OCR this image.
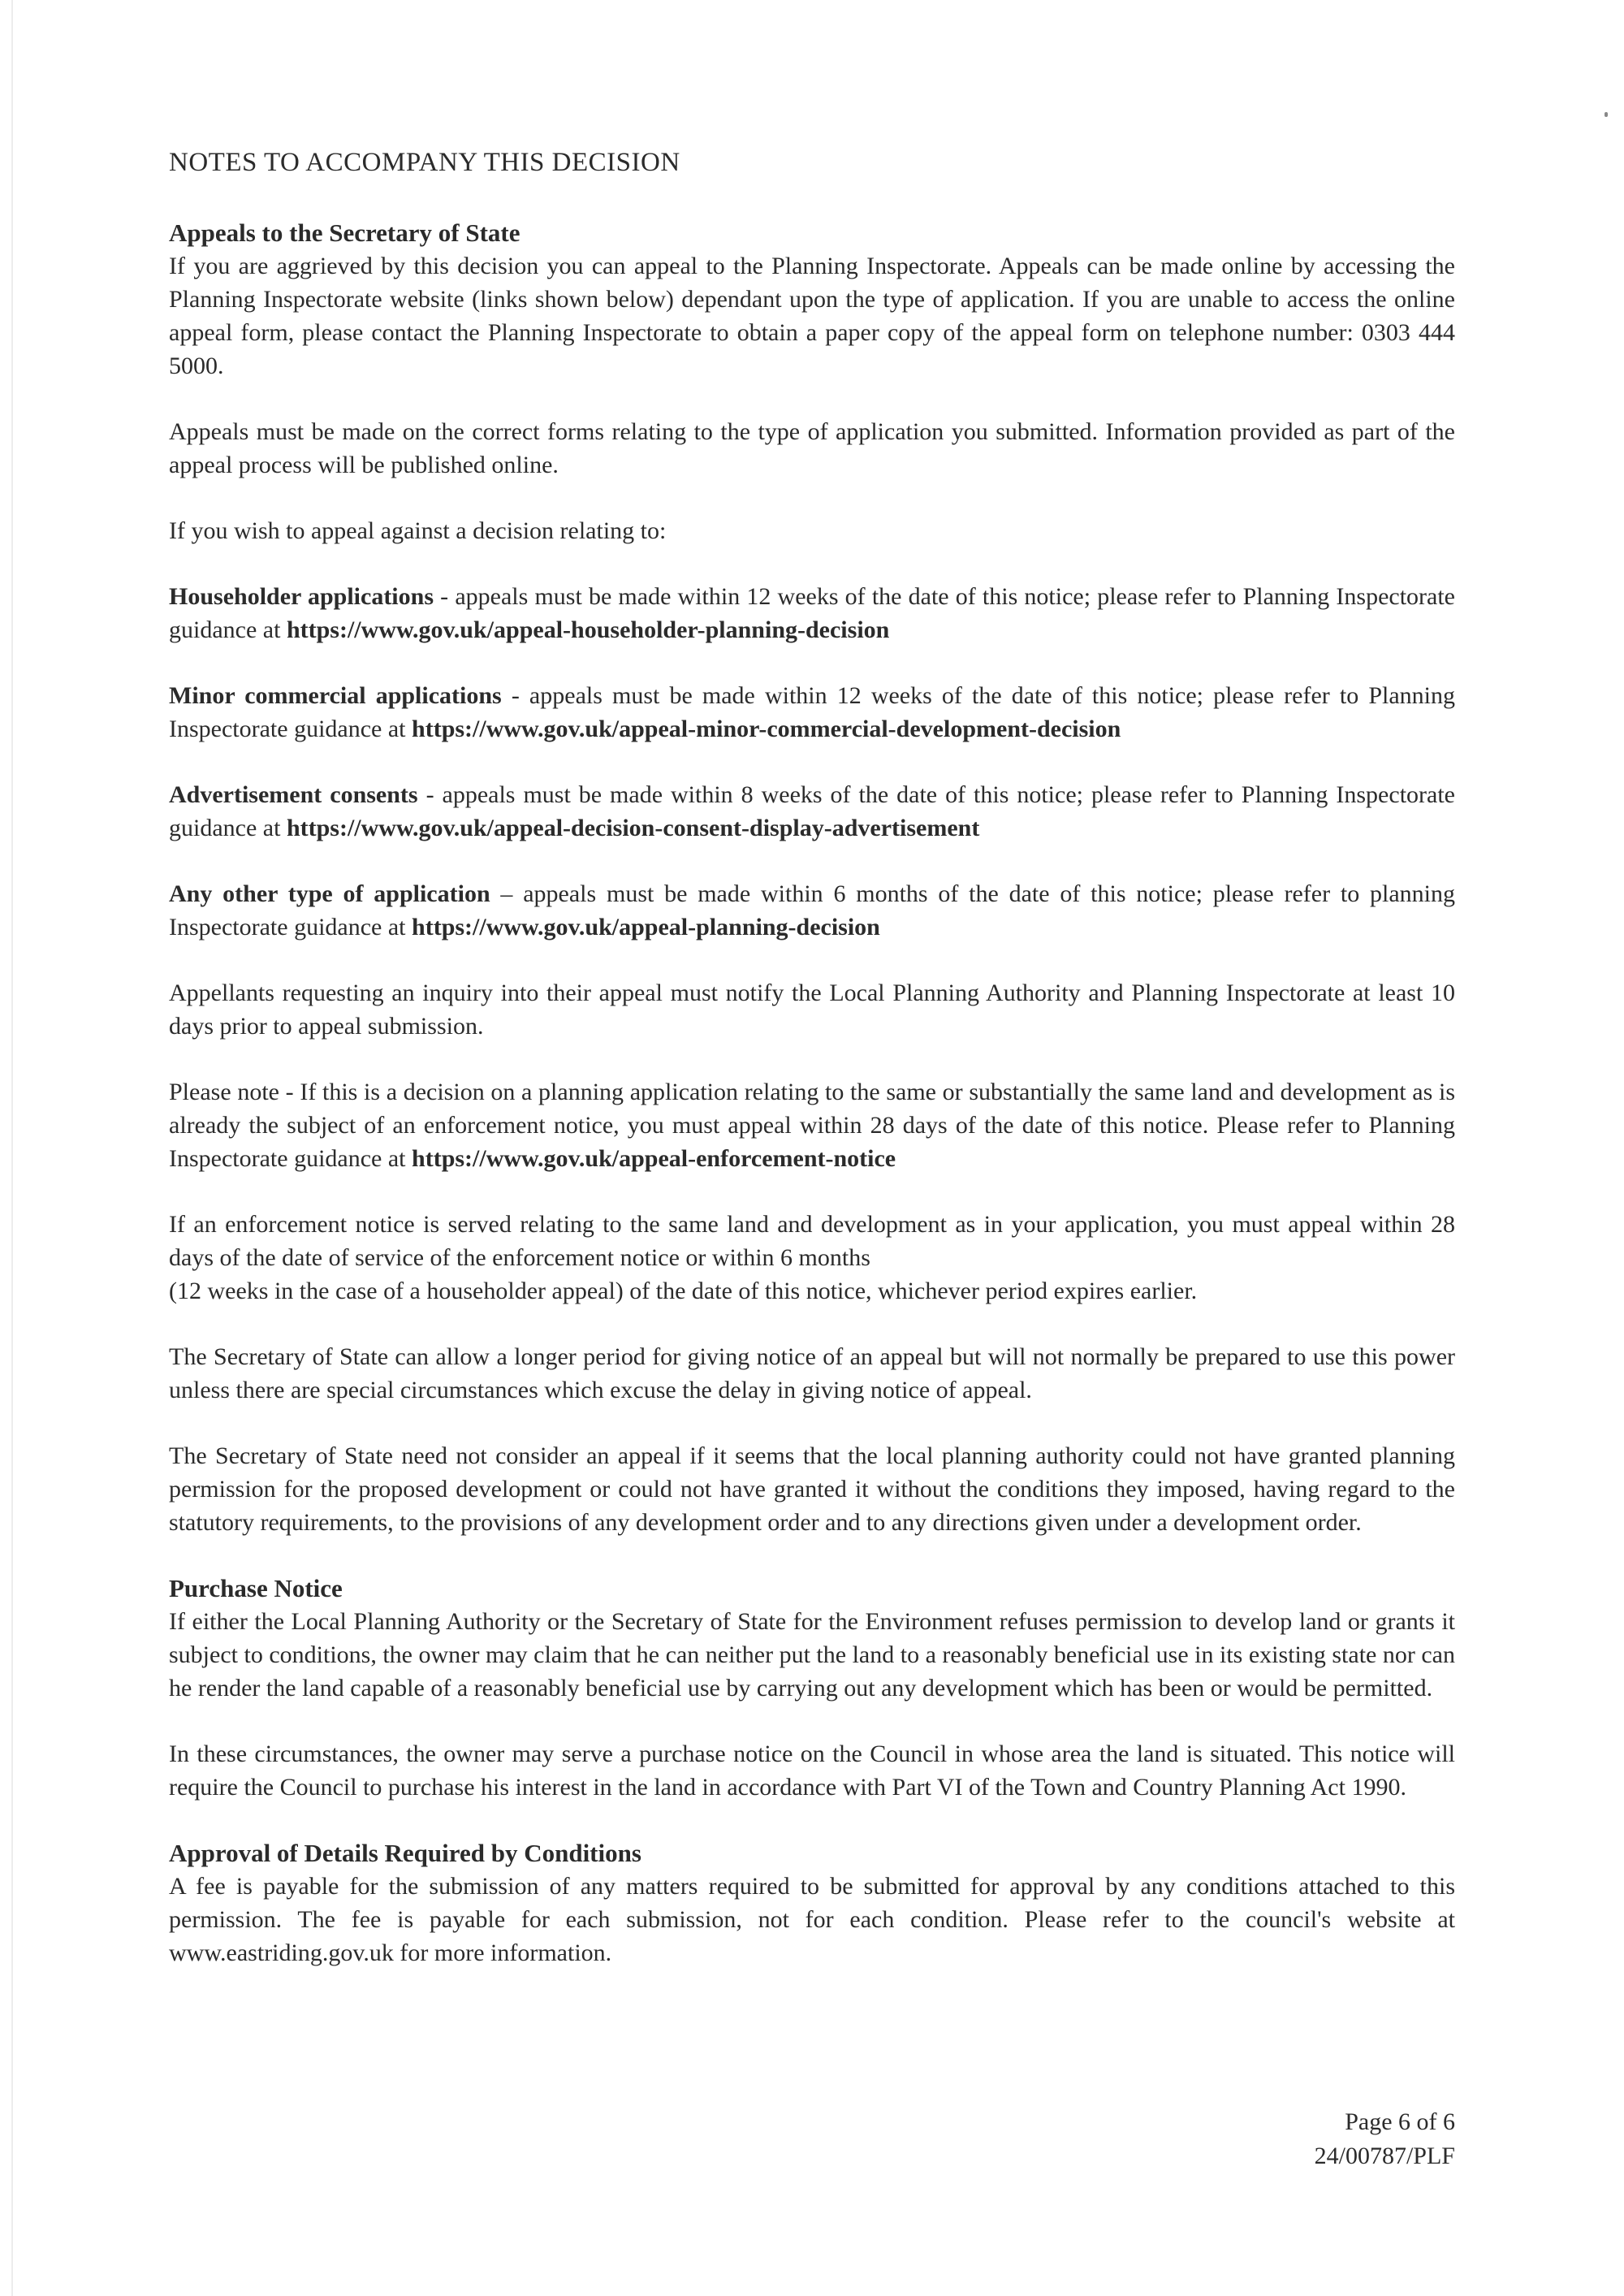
NOTES TO ACCOMPANY THIS DECISION
Appeals to the Secretary of State

If you are aggrieved by this decision you can appeal to the Planning Inspectorate. Appeals can be made online by accessing the Planning Inspectorate website (links shown below) dependant upon the type of application. If you are unable to access the online appeal form, please contact the Planning Inspectorate to obtain a paper copy of the appeal form on telephone number: 0303 444 5000.

Appeals must be made on the correct forms relating to the type of application you submitted. Information provided as part of the appeal process will be published online.

If you wish to appeal against a decision relating to:

Householder applications - appeals must be made within 12 weeks of the date of this notice; please refer to Planning Inspectorate guidance at https://www.gov.uk/appeal-householder-planning-decision

Minor commercial applications - appeals must be made within 12 weeks of the date of this notice; please refer to Planning Inspectorate guidance at https://www.gov.uk/appeal-minor-commercial-development-decision

Advertisement consents - appeals must be made within 8 weeks of the date of this notice; please refer to Planning Inspectorate guidance at https://www.gov.uk/appeal-decision-consent-display-advertisement

Any other type of application – appeals must be made within 6 months of the date of this notice; please refer to planning Inspectorate guidance at https://www.gov.uk/appeal-planning-decision

Appellants requesting an inquiry into their appeal must notify the Local Planning Authority and Planning Inspectorate at least 10 days prior to appeal submission.

Please note - If this is a decision on a planning application relating to the same or substantially the same land and development as is already the subject of an enforcement notice, you must appeal within 28 days of the date of this notice. Please refer to Planning Inspectorate guidance at https://www.gov.uk/appeal-enforcement-notice

If an enforcement notice is served relating to the same land and development as in your application, you must appeal within 28 days of the date of service of the enforcement notice or within 6 months
(12 weeks in the case of a householder appeal) of the date of this notice, whichever period expires earlier.

The Secretary of State can allow a longer period for giving notice of an appeal but will not normally be prepared to use this power unless there are special circumstances which excuse the delay in giving notice of appeal.

The Secretary of State need not consider an appeal if it seems that the local planning authority could not have granted planning permission for the proposed development or could not have granted it without the conditions they imposed, having regard to the statutory requirements, to the provisions of any development order and to any directions given under a development order.

Purchase Notice

If either the Local Planning Authority or the Secretary of State for the Environment refuses permission to develop land or grants it subject to conditions, the owner may claim that he can neither put the land to a reasonably beneficial use in its existing state nor can he render the land capable of a reasonably beneficial use by carrying out any development which has been or would be permitted.

In these circumstances, the owner may serve a purchase notice on the Council in whose area the land is situated. This notice will require the Council to purchase his interest in the land in accordance with Part VI of the Town and Country Planning Act 1990.

Approval of Details Required by Conditions

A fee is payable for the submission of any matters required to be submitted for approval by any conditions attached to this permission. The fee is payable for each submission, not for each condition. Please refer to the council's website at www.eastriding.gov.uk for more information.

Page 6 of 6
24/00787/PLF
